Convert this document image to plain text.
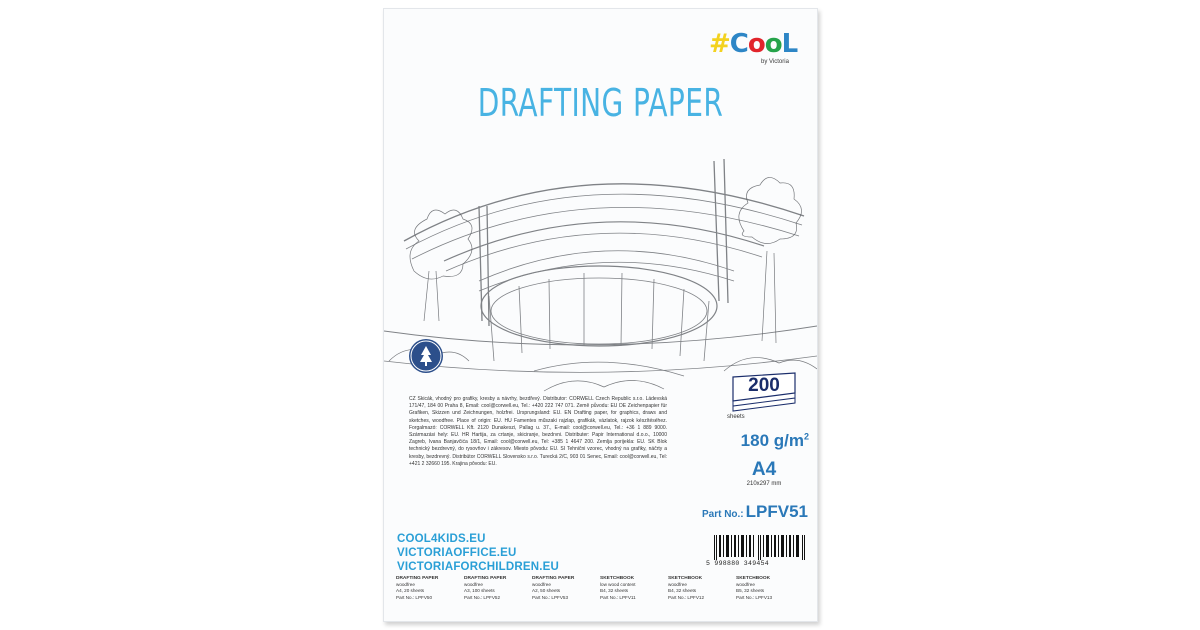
#CooL
by Victoria
DRAFTING PAPER
CZ Skicák, vhodný pro grafiky, kresby a návrhy, bezdřevý. Distributor: CORWELL Czech Republic s.r.o. Ládevská 171/47, 184 00 Praha 8, Email: cool@corwell.eu, Tel.: +420 222 747 071. Země původu: EU DE Zeichenpapier für Grafiken, Skizzen und Zeichnungen, holzfrei. Ursprungsland: EU. EN Drafting paper, for graphics, draws and sketches, woodfree. Place of origin: EU. HU Famentes műszaki rajzlap, grafikák, vázlatok, rajzok készítéséhez. Forgalmazó: CORWELL Kft. 2120 Dunakeszi, Pallag u. 37., E-mail: cool@corwell.eu, Tel.: +36 1 889 9000. Származási hely: EU. HR Hartija, za crtanje, skiciranje, bezdrvni. Distributer: Papir International d.o.o., 10000 Zagreb, Ivana Banjavčića 18/1, Email: cool@corwell.eu, Tel: +385 1 4647 200. Zemlja porijekla: EU. SK Blok technický bezdrevný, do rysovňov i zákresov. Miesto pôvodu: EU. SI Tehnični vzorec, vhodný na grafiky, náčrty a kresby, bezdrevný. Distribútor CORWELL Slovensko s.r.o. Turecká 2/C, 903 01 Senec, Email: cool@corwell.eu, Tel: +421 2 32660 195. Krajina pôvodu: EU.
200
sheets
180 $g/m^2$
A4
210x297 mm
Part No.: LPFV51
COOL4KIDS.EU
VICTORIAOFFICE.EU
VICTORIAFORCHILDREN.EU	5 998880 349454
DRAFTING PAPER
woodfree
A4, 20 sheets
Part No.: LPFV50
DRAFTING PAPER
woodfree
A3, 100 sheets
Part No.: LPFV52
DRAFTING PAPER
woodfree
A2, 50 sheets
Part No.: LPFV53
SKETCHBOOK
low wood content
B4, 32 sheets
Part No.: LPFV11
SKETCHBOOK
woodfree
B4, 32 sheets
Part No.: LPFV12
SKETCHBOOK
woodfree
B5, 32 sheets
Part No.: LPFV13
